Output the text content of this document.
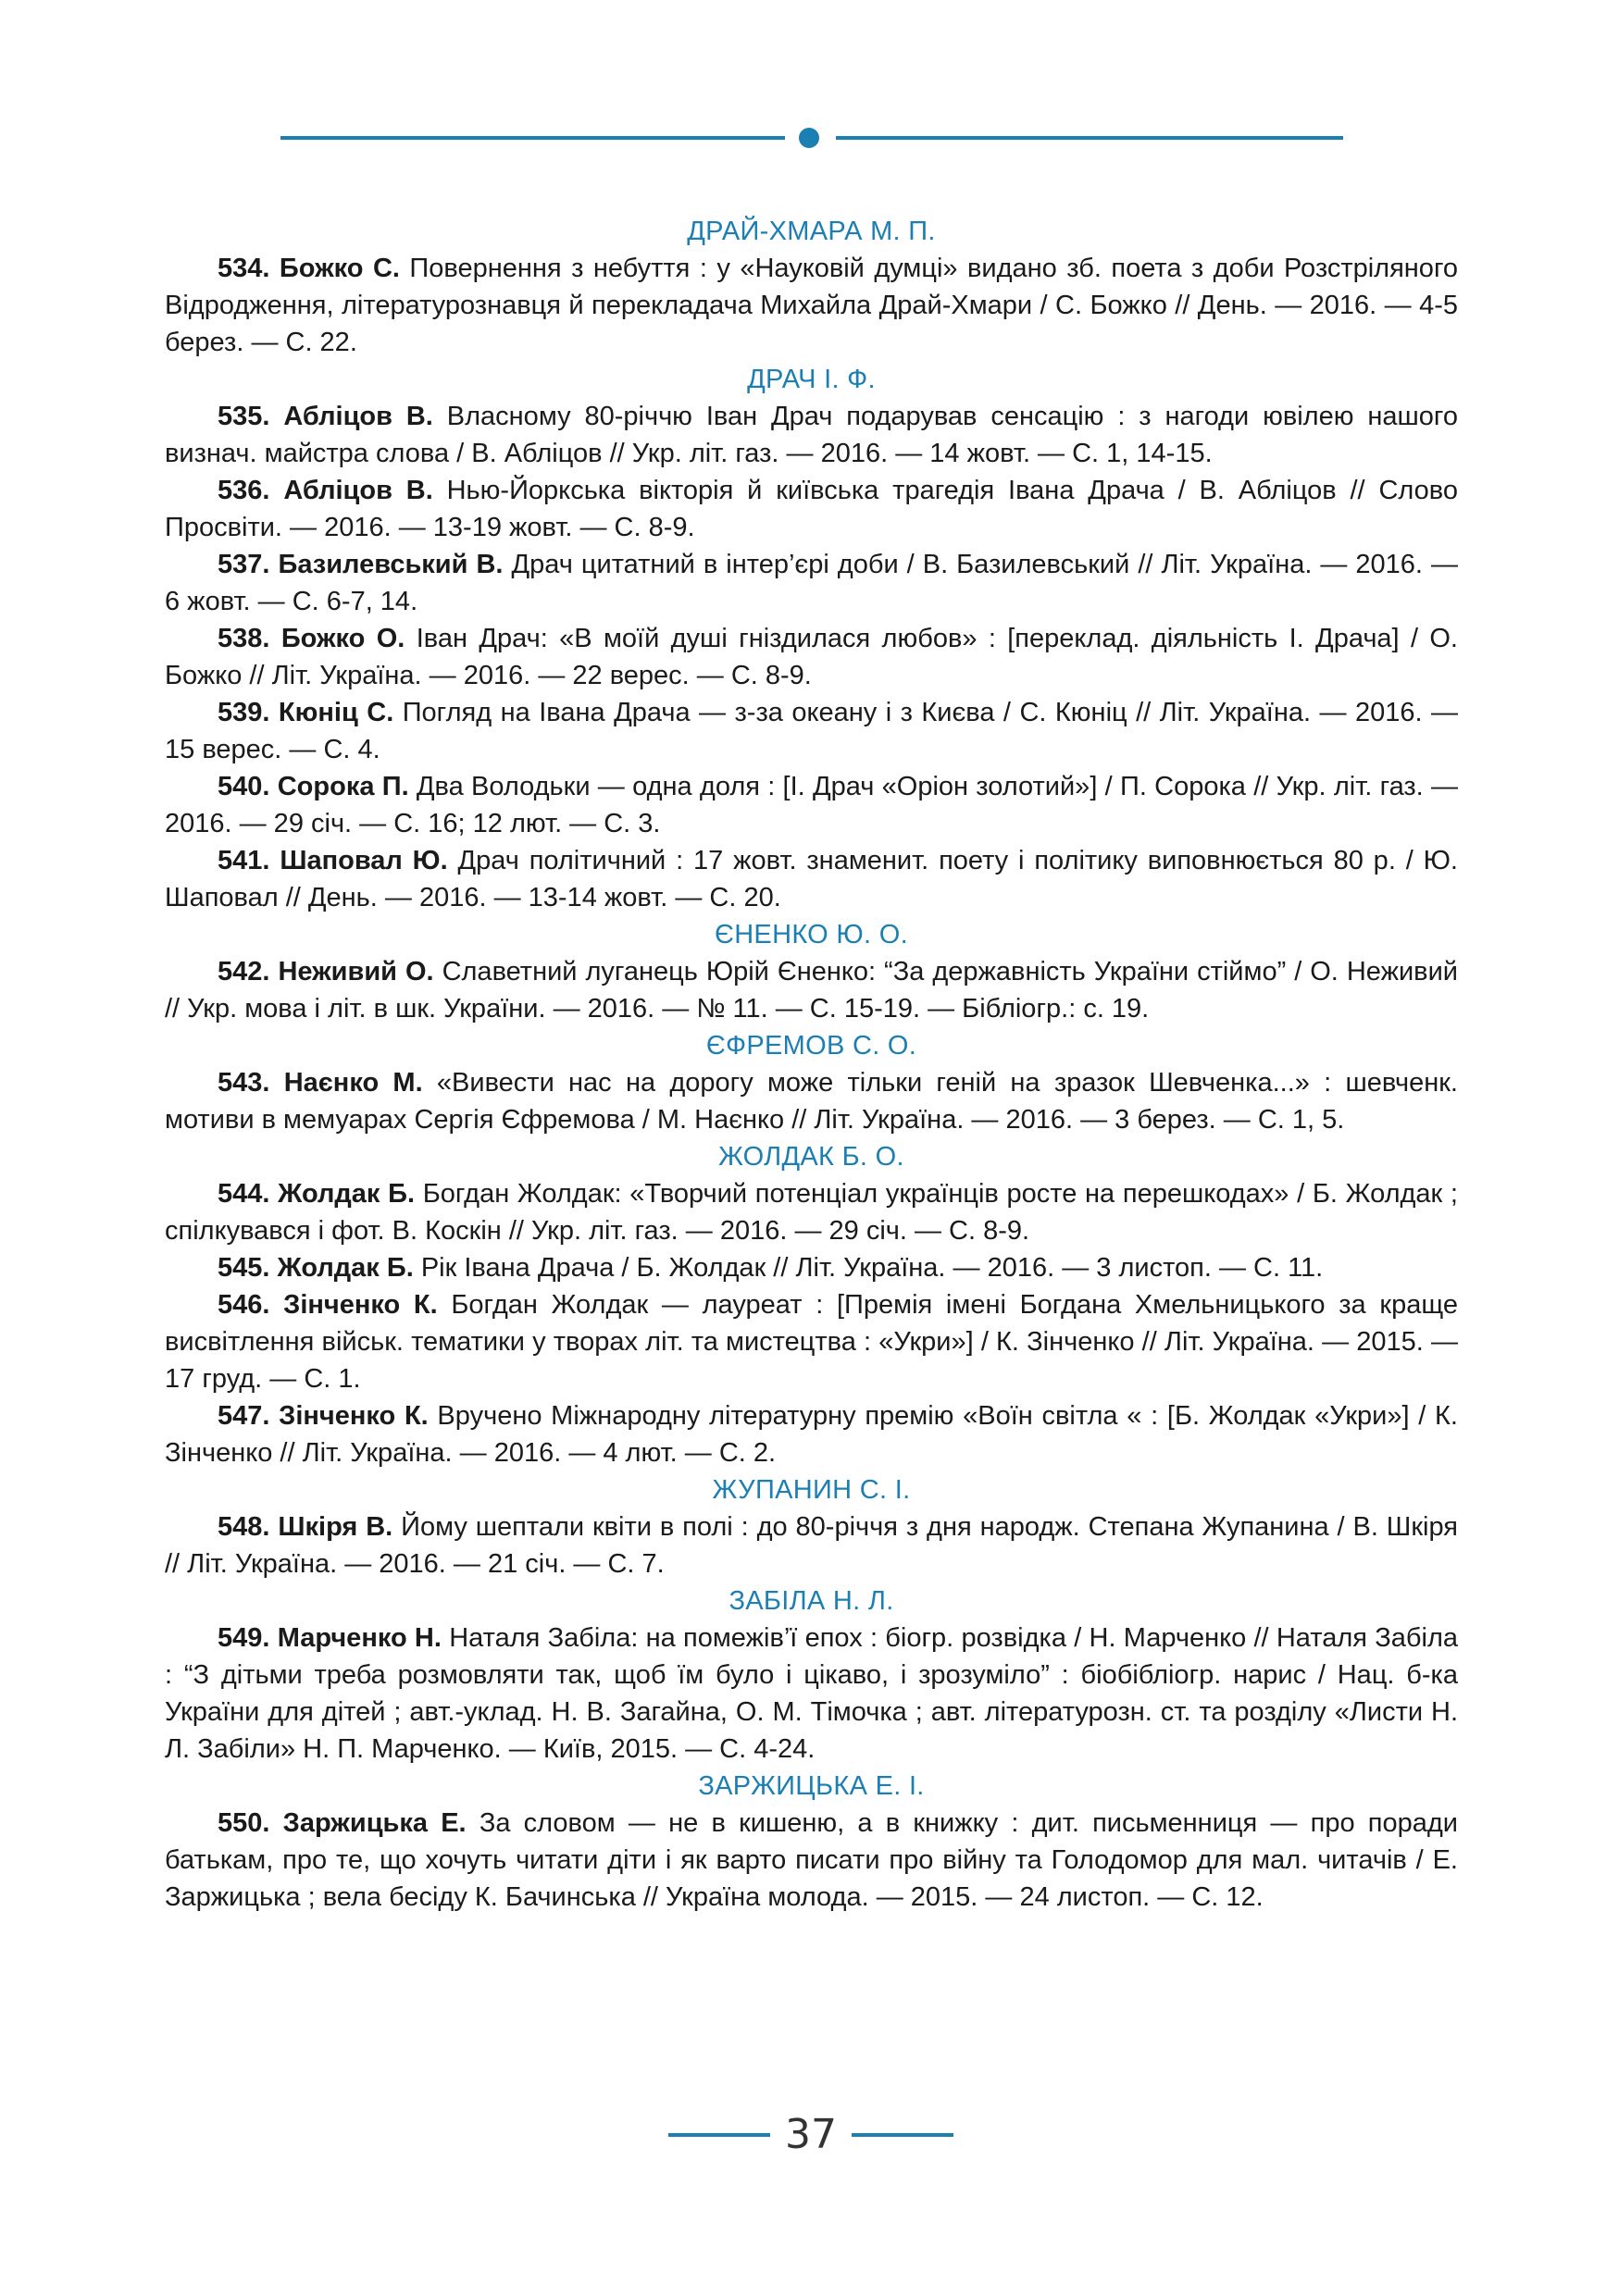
ДРАЙ-ХМАРА М. П.

534. Божко С. Повернення з небуття : у «Науковій думці» видано зб. поета з доби Розстріляного Відродження, літературознавця й перекладача Михайла Драй-Хмари / С. Божко // День. — 2016. — 4-5 берез. — С. 22.

ДРАЧ І. Ф.

535. Абліцов В. Власному 80-річчю Іван Драч подарував сенсацію : з нагоди ювілею нашого визнач. майстра слова / В. Абліцов // Укр. літ. газ. — 2016. — 14 жовт. — С. 1, 14-15.

536. Абліцов В. Нью-Йоркська вікторія й київська трагедія Івана Драча / В. Абліцов // Слово Просвіти. — 2016. — 13-19 жовт. — С. 8-9.

537. Базилевський В. Драч цитатний в інтер’єрі доби / В. Базилевський // Літ. Україна. — 2016. — 6 жовт. — С. 6-7, 14.

538. Божко О. Іван Драч: «В моїй душі гніздилася любов» : [переклад. діяльність І. Драча] / О. Божко // Літ. Україна. — 2016. — 22 верес. — С. 8-9.

539. Кюніц С. Погляд на Івана Драча — з-за океану і з Києва / С. Кюніц // Літ. Україна. — 2016. — 15 верес. — С. 4.

540. Сорока П. Два Володьки — одна доля : [І. Драч «Оріон золотий»] / П. Сорока // Укр. літ. газ. — 2016. — 29 січ. — С. 16; 12 лют. — С. 3.

541. Шаповал Ю. Драч політичний : 17 жовт. знаменит. поету і політику виповнюється 80 р. / Ю. Шаповал // День. — 2016. — 13-14 жовт. — С. 20.

ЄНЕНКО Ю. О.

542. Неживий О. Славетний луганець Юрій Єненко: “За державність України стіймо” / О. Неживий // Укр. мова і літ. в шк. України. — 2016. — № 11. — С. 15-19. — Бібліогр.: с. 19.

ЄФРЕМОВ С. О.

543. Наєнко М. «Вивести нас на дорогу може тільки геній на зразок Шевченка...» : шевченк. мотиви в мемуарах Сергія Єфремова / М. Наєнко // Літ. Україна. — 2016. — 3 берез. — С. 1, 5.

ЖОЛДАК Б. О.

544. Жолдак Б. Богдан Жолдак: «Творчий потенціал українців росте на перешкодах» / Б. Жолдак ; спілкувався і фот. В. Коскін // Укр. літ. газ. — 2016. — 29 січ. — С. 8-9.

545. Жолдак Б. Рік Івана Драча / Б. Жолдак // Літ. Україна. — 2016. — 3 листоп. — С. 11.

546. Зінченко К. Богдан Жолдак — лауреат : [Премія імені Богдана Хмельницького за краще висвітлення військ. тематики у творах літ. та мистецтва : «Укри»] / К. Зінченко // Літ. Україна. — 2015. — 17 груд. — С. 1.

547. Зінченко К. Вручено Міжнародну літературну премію «Воїн світла « : [Б. Жолдак «Укри»] / К. Зінченко // Літ. Україна. — 2016. — 4 лют. — С. 2.

ЖУПАНИН С. І.

548. Шкіря В. Йому шептали квіти в полі : до 80-річчя з дня народж. Степана Жупанина / В. Шкіря // Літ. Україна. — 2016. — 21 січ. — С. 7.

ЗАБІЛА Н. Л.

549. Марченко Н. Наталя Забіла: на помежів’ї епох : біогр. розвідка / Н. Марченко // Наталя Забіла : “З дітьми треба розмовляти так, щоб їм було і цікаво, і зрозуміло” : біобібліогр. нарис / Нац. б-ка України для дітей ; авт.-уклад. Н. В. Загайна, О. М. Тімочка ; авт. літературозн. ст. та розділу «Листи Н. Л. Забіли» Н. П. Марченко. — Київ, 2015. — С. 4-24.

ЗАРЖИЦЬКА Е. І.

550. Заржицька Е. За словом — не в кишеню, а в книжку : дит. письменниця — про поради батькам, про те, що хочуть читати діти і як варто писати про війну та Голодомор для мал. читачів / Е. Заржицька ; вела бесіду К. Бачинська // Україна молода. — 2015. — 24 листоп. — С. 12.

37
